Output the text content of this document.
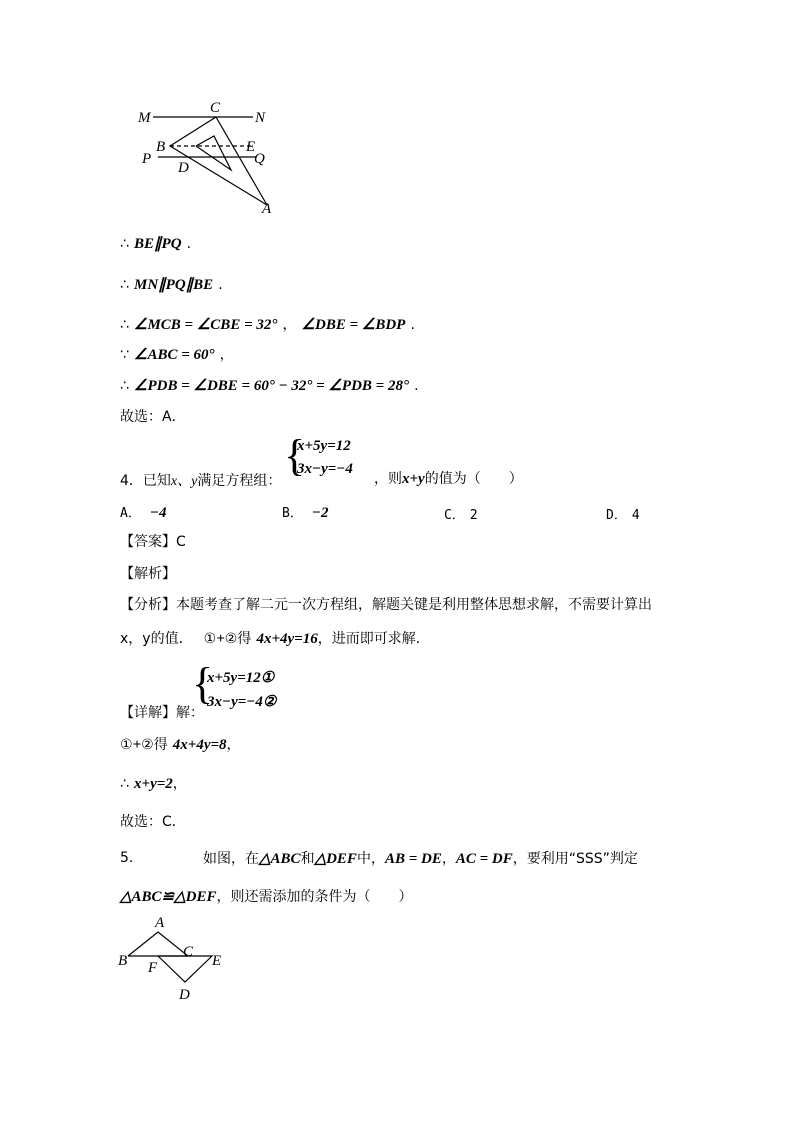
M
C
N
B	E
P
D
Q
A
∴ BE∥PQ .
∴ MN∥PQ∥BE .
∴ ∠MCB = ∠CBE = 32° ， ∠DBE = ∠BDP .
∵ ∠ABC = 60° ，
∴ ∠PDB = ∠DBE = 60° − 32° = ∠PDB = 28° .
故选：A．
{
x+5y=12
3x−y=−4
4．已知x、y满足方程组：	，则x+y的值为（　　）
A． −4	B． −2	C． 2	D． 4
【答案】C
【解析】
【分析】本题考查了解二元一次方程组，解题关键是利用整体思想求解，不需要计算出
x，y的值． ①+②得 4x+4y=16，进而即可求解．
{
x+5y=12①
3x−y=−4②
【详解】解：
①+②得 4x+4y=8，
∴ x+y=2，
故选：C．
5.	如图，在△ABC和△DEF中，AB = DE，AC = DF，要利用“SSS”判定
△ABC≌△DEF，则还需添加的条件为（　　）
A
B
C
F	E
D
